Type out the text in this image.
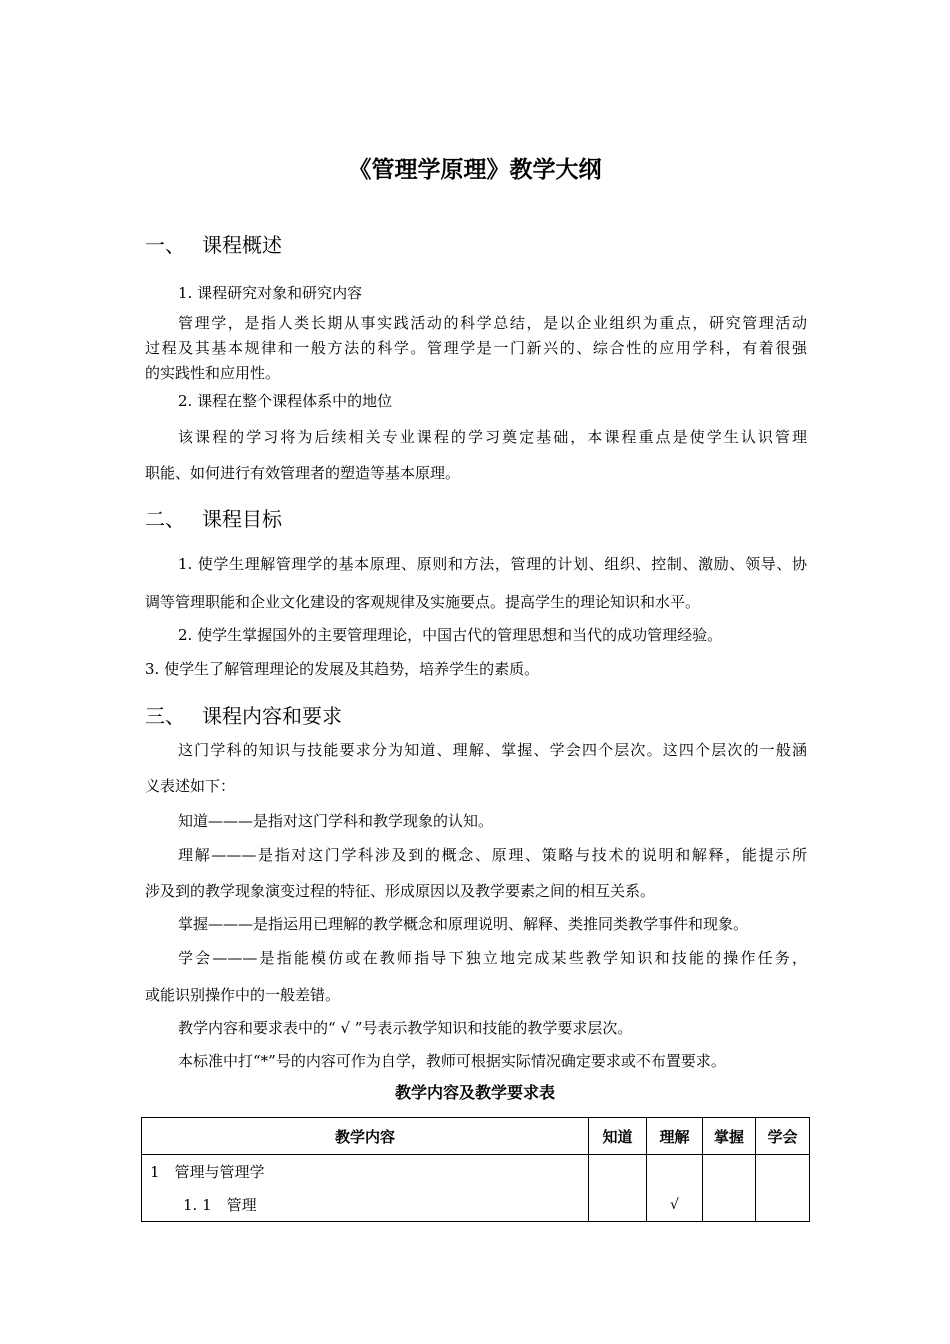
《管理学原理》教学大纲
一、 课程概述
1. 课程研究对象和研究内容
管理学，是指人类长期从事实践活动的科学总结，是以企业组织为重点，研究管理活动
过程及其基本规律和一般方法的科学。管理学是一门新兴的、综合性的应用学科，有着很强
的实践性和应用性。
2. 课程在整个课程体系中的地位
该课程的学习将为后续相关专业课程的学习奠定基础，本课程重点是使学生认识管理
职能、如何进行有效管理者的塑造等基本原理。
二、 课程目标
1. 使学生理解管理学的基本原理、原则和方法，管理的计划、组织、控制、激励、领导、协
调等管理职能和企业文化建设的客观规律及实施要点。提高学生的理论知识和水平。
2. 使学生掌握国外的主要管理理论，中国古代的管理思想和当代的成功管理经验。
3. 使学生了解管理理论的发展及其趋势，培养学生的素质。
三、 课程内容和要求
这门学科的知识与技能要求分为知道、理解、掌握、学会四个层次。这四个层次的一般涵
义表述如下：
知道———是指对这门学科和教学现象的认知。
理解———是指对这门学科涉及到的概念、原理、策略与技术的说明和解释，能提示所
涉及到的教学现象演变过程的特征、形成原因以及教学要素之间的相互关系。
掌握———是指运用已理解的教学概念和原理说明、解释、类推同类教学事件和现象。
学会———是指能模仿或在教师指导下独立地完成某些教学知识和技能的操作任务，
或能识别操作中的一般差错。
教学内容和要求表中的“ √ ”号表示教学知识和技能的教学要求层次。
本标准中打“*”号的内容可作为自学，教师可根据实际情况确定要求或不布置要求。
教学内容及教学要求表
教学内容	知道	理解	掌握	学会
1　管理与管理学				
1. 1　管理		√		
